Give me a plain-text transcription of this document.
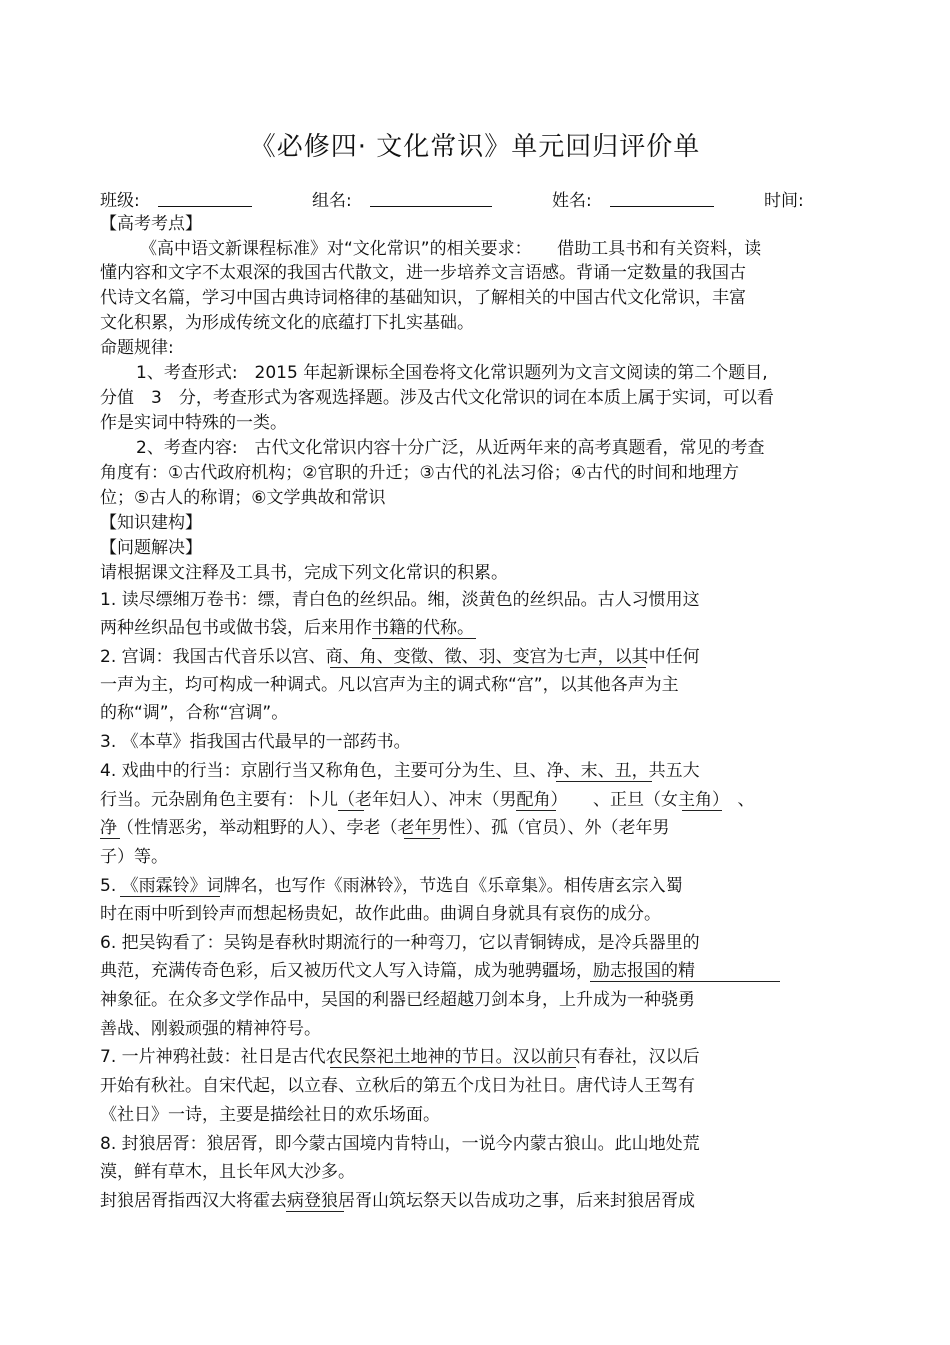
《必修四· 文化常识》单元回归评价单
班级:	组名:	姓名:	时间:
【高考考点】
《高中语文新课程标准》对“文化常识”的相关要求：　　借助工具书和有关资料，读
懂内容和文字不太艰深的我国古代散文，进一步培养文言语感。背诵一定数量的我国古
代诗文名篇，学习中国古典诗词格律的基础知识，了解相关的中国古代文化常识，丰富
文化积累，为形成传统文化的底蕴打下扎实基础。
命题规律:
1、考查形式:　2015 年起新课标全国卷将文化常识题列为文言文阅读的第二个题目,
分值　3　分，考查形式为客观选择题。涉及古代文化常识的词在本质上属于实词，可以看
作是实词中特殊的一类。
2、考查内容:　古代文化常识内容十分广泛，从近两年来的高考真题看，常见的考查
角度有：①古代政府机构；②官职的升迁；③古代的礼法习俗；④古代的时间和地理方
位；⑤古人的称谓；⑥文学典故和常识
【知识建构】
【问题解决】
请根据课文注释及工具书，完成下列文化常识的积累。
1. 读尽缥缃万卷书：缥，青白色的丝织品。缃，淡黄色的丝织品。古人习惯用这
两种丝织品包书或做书袋，后来用作书籍的代称。
2. 宫调：我国古代音乐以宫、商、角、变徵、徵、羽、变宫为七声，以其中任何
一声为主，均可构成一种调式。凡以宫声为主的调式称“宫”，以其他各声为主
的称“调”，合称“宫调”。
3. 《本草》指我国古代最早的一部药书。
4. 戏曲中的行当：京剧行当又称角色，主要可分为生、旦、净、末、丑，共五大
行当。元杂剧角色主要有：卜儿（老年妇人）、冲末（男配角）　　、正旦（女主角）　、
净（性情恶劣，举动粗野的人）、孛老（老年男性）、孤（官员）、外（老年男
子）等。
5. 《雨霖铃》词牌名，也写作《雨淋铃》，节选自《乐章集》。相传唐玄宗入蜀
时在雨中听到铃声而想起杨贵妃，故作此曲。曲调自身就具有哀伤的成分。
6. 把吴钩看了：吴钩是春秋时期流行的一种弯刀，它以青铜铸成，是冷兵器里的
典范，充满传奇色彩，后又被历代文人写入诗篇，成为驰骋疆场，励志报国的精
神象征。在众多文学作品中，吴国的利器已经超越刀剑本身，上升成为一种骁勇
善战、刚毅顽强的精神符号。
7. 一片神鸦社鼓：社日是古代农民祭祀土地神的节日。汉以前只有春社，汉以后
开始有秋社。自宋代起，以立春、立秋后的第五个戊日为社日。唐代诗人王驾有
《社日》一诗，主要是描绘社日的欢乐场面。
8. 封狼居胥：狼居胥，即今蒙古国境内肯特山，一说今内蒙古狼山。此山地处荒
漠，鲜有草木，且长年风大沙多。
封狼居胥指西汉大将霍去病登狼居胥山筑坛祭天以告成功之事，后来封狼居胥成
